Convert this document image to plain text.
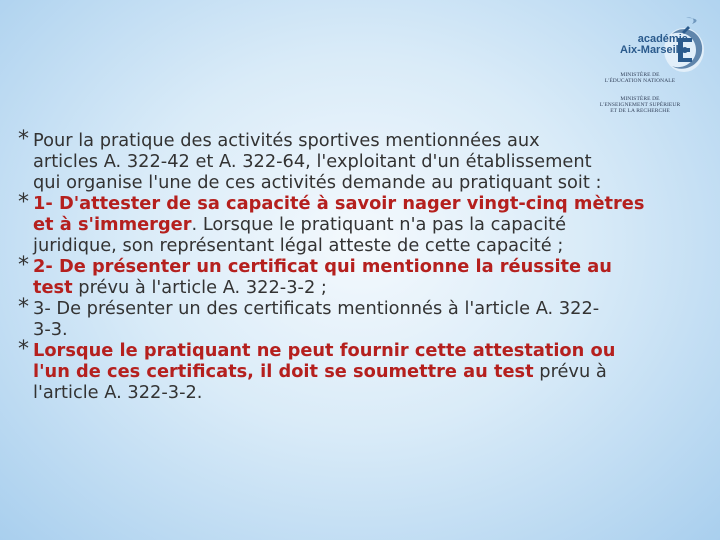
académie
Aix-Marseille
MINISTÈRE DE
L'ÉDUCATION NATIONALE
MINISTÈRE DE
L'ENSEIGNEMENT SUPÉRIEUR
ET DE LA RECHERCHE
* Pour la pratique des activités sportives mentionnées aux
articles A. 322-42 et A. 322-64, l'exploitant d'un établissement
qui organise l'une de ces activités demande au pratiquant soit :
* 1- D'attester de sa capacité à savoir nager vingt-cinq mètres
et à s'immerger. Lorsque le pratiquant n'a pas la capacité
juridique, son représentant légal atteste de cette capacité ;
* 2- De présenter un certificat qui mentionne la réussite au
test prévu à l'article A. 322-3-2 ;
* 3- De présenter un des certificats mentionnés à l'article A. 322-
3-3.
* Lorsque le pratiquant ne peut fournir cette attestation ou
l'un de ces certificats, il doit se soumettre au test prévu à
l'article A. 322-3-2.
